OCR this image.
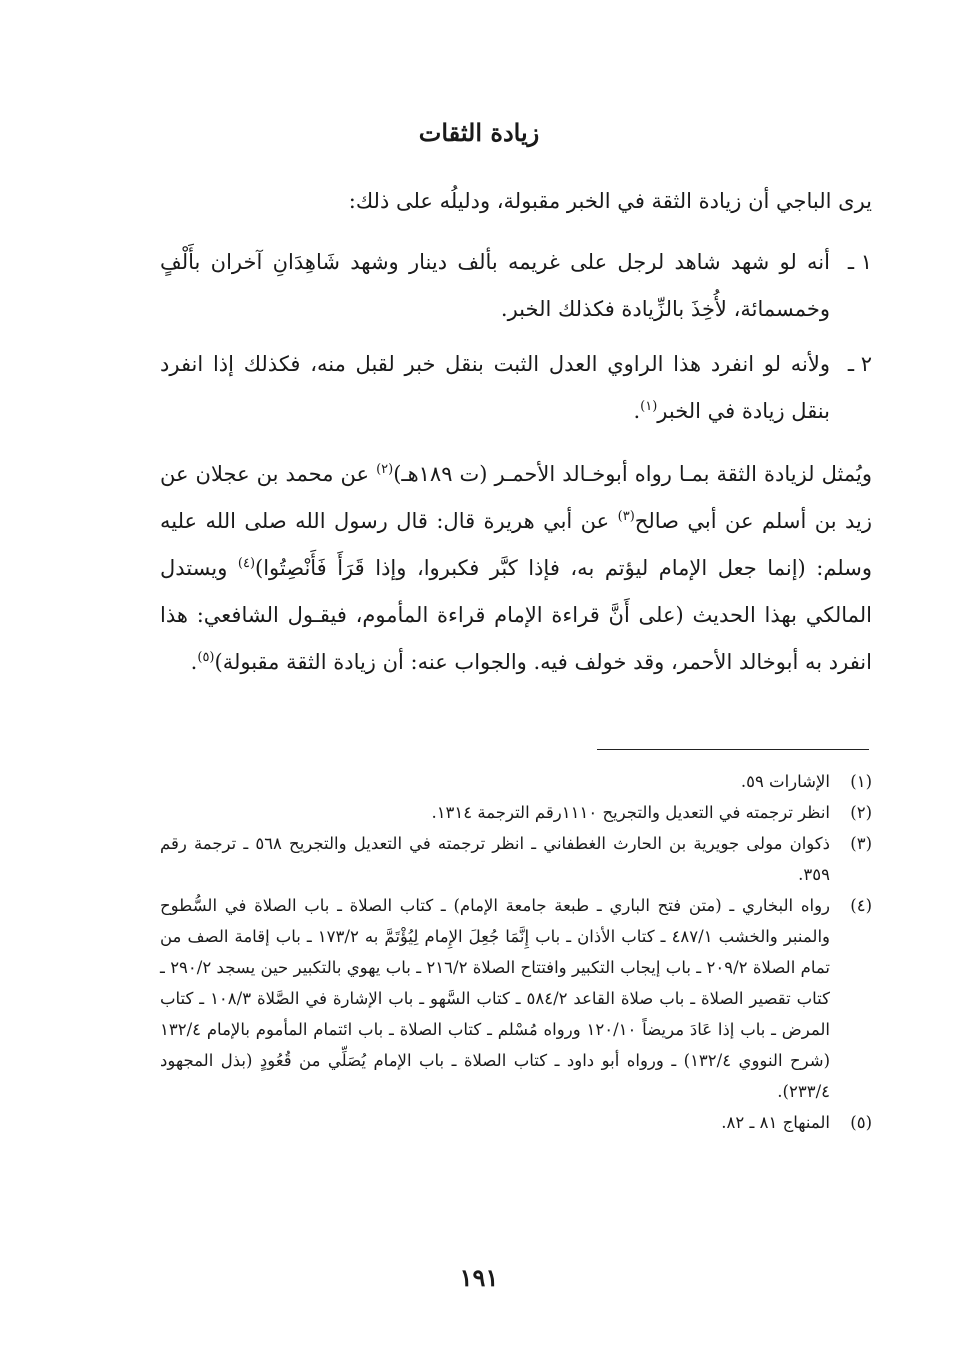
زيادة الثقات

يرى الباجي أن زيادة الثقة في الخبر مقبولة، ودليلُه على ذلك:

١ ـ
أنه لو شهد شاهد لرجل على غريمه بألف دينار وشهد شَاهِدَانِ آخران بأَلْفٍ وخمسمائة، لأُخِذَ بالزِّيادة فكذلك الخبر.
٢ ـ
ولأنه لو انفرد هذا الراوي العدل الثبت بنقل خبر لقبل منه، فكذلك إذا انفرد بنقل زيادة في الخبر$^{(١)}$.

ويُمثل لزيادة الثقة بمـا رواه أبوخـالد الأحمـر (ت ١٨٩هـ)$^{(٢)}$ عن محمد بن عجلان عن زيد بن أسلم عن أبي صالح$^{(٣)}$ عن أبي هريرة قال: قال رسول الله صلى الله عليه وسلم: (إنما جعل الإمام ليؤتم به، فإذا كبَّر فكبروا، وإذا قَرَأَ فَأَنْصِتُوا)$^{(٤)}$ ويستدل المالكي بهذا الحديث (على أَنَّ قراءة الإمام قراءة المأموم، فيقـول الشافعي: هذا انفرد به أبوخالد الأحمر، وقد خولف فيه. والجواب عنه: أن زيادة الثقة مقبولة)$^{(٥)}$.

(١)
الإشارات ٥٩.
(٢)
انظر ترجمته في التعديل والتجريح ١١١٠رقم الترجمة ١٣١٤.
(٣)
ذكوان مولى جويرية بن الحارث الغطفاني ـ انظر ترجمته في التعديل والتجريح ٥٦٨ ـ ترجمة رقم ٣٥٩.
(٤)
رواه البخاري ـ (متن فتح الباري ـ طبعة جامعة الإمام) ـ كتاب الصلاة ـ باب الصلاة في السُّطوح والمنبر والخشب ٤٨٧/١ ـ كتاب الأذان ـ باب إِنَّمَا جُعِلَ الإِمام لِيُؤْتَمَّ به ١٧٣/٢ ـ باب إقامة الصف من تمام الصلاة ٢٠٩/٢ ـ باب إيجاب التكبير وافتتاح الصلاة ٢١٦/٢ ـ باب يهوي بالتكبير حين يسجد ٢٩٠/٢ ـ كتاب تقصير الصلاة ـ باب صلاة القاعد ٥٨٤/٢ ـ كتاب السَّهو ـ باب الإشارة في الصَّلاة ١٠٨/٣ ـ كتاب المرض ـ باب إذا عَادَ مريضاً ١٢٠/١٠ ورواه مُسْلم ـ كتاب الصلاة ـ باب ائتمام المأموم بالإمام ١٣٢/٤ (شرح النووي ١٣٢/٤) ـ ورواه أبو داود ـ كتاب الصلاة ـ باب الإمام يُصَلِّي من قُعُودٍ (بذل المجهود ٢٣٣/٤).
(٥)
المنهاج ٨١ ـ ٨٢.
١٩١
